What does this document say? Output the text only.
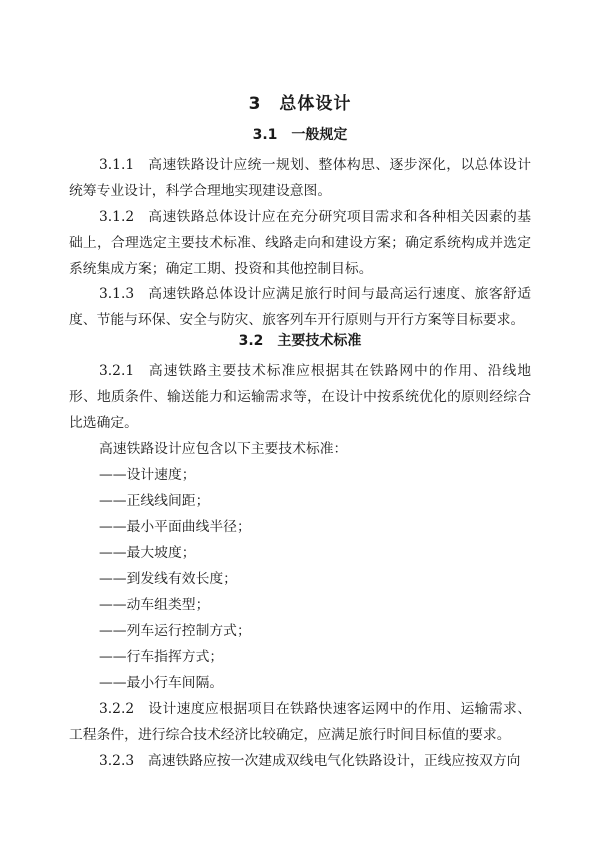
3 总体设计
3.1 一般规定

3.1.1 高速铁路设计应统一规划、整体构思、逐步深化，以总体设计统筹专业设计，科学合理地实现建设意图。

3.1.2 高速铁路总体设计应在充分研究项目需求和各种相关因素的基础上，合理选定主要技术标准、线路走向和建设方案；确定系统构成并选定系统集成方案；确定工期、投资和其他控制目标。

3.1.3 高速铁路总体设计应满足旅行时间与最高运行速度、旅客舒适度、节能与环保、安全与防灾、旅客列车开行原则与开行方案等目标要求。

3.2 主要技术标准

3.2.1 高速铁路主要技术标准应根据其在铁路网中的作用、沿线地形、地质条件、输送能力和运输需求等，在设计中按系统优化的原则经综合比选确定。

高速铁路设计应包含以下主要技术标准：
——设计速度；
——正线线间距；
——最小平面曲线半径；
——最大坡度；
——到发线有效长度；
——动车组类型；
——列车运行控制方式；
——行车指挥方式；
——最小行车间隔。

3.2.2 设计速度应根据项目在铁路快速客运网中的作用、运输需求、工程条件，进行综合技术经济比较确定，应满足旅行时间目标值的要求。

3.2.3 高速铁路应按一次建成双线电气化铁路设计，正线应按双方向
